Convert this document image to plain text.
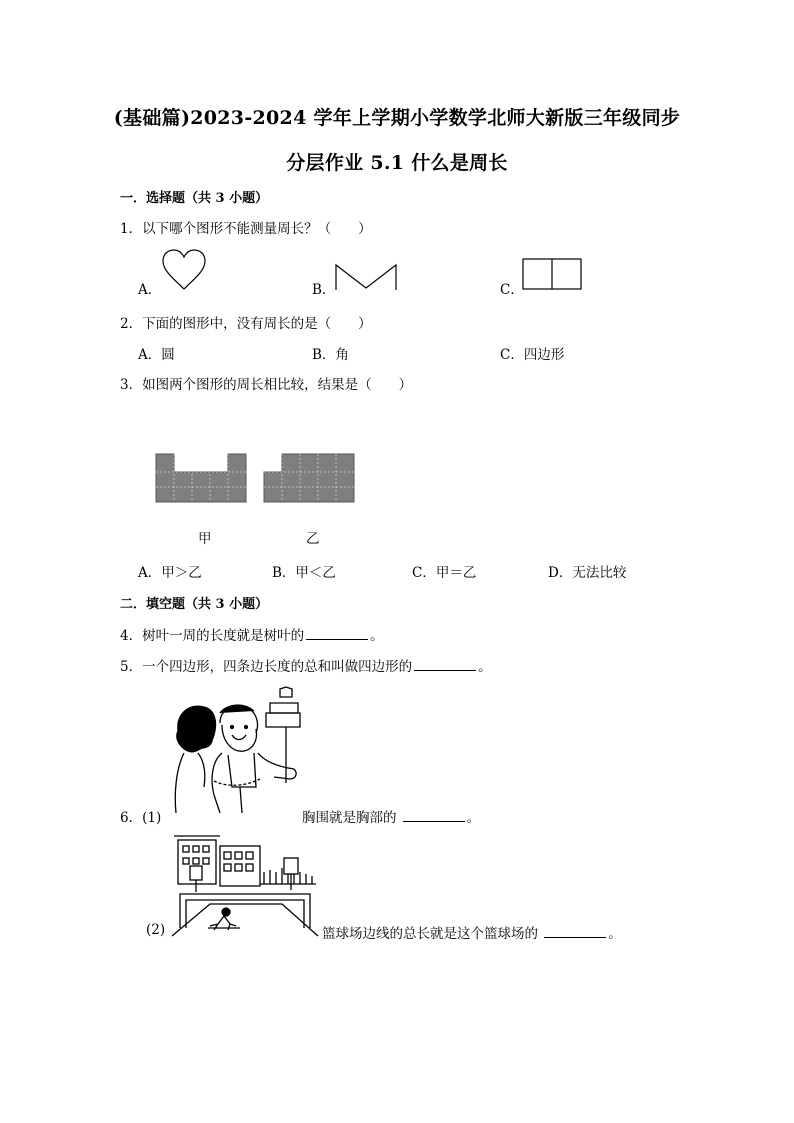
(基础篇)2023-2024 学年上学期小学数学北师大新版三年级同步
分层作业 5.1 什么是周长
一．选择题（共 3 小题）
1．以下哪个图形不能测量周长？（　　）
A．	B．	C．
2．下面的图形中，没有周长的是（　　）
A．圆	B．角	C．四边形
3．如图两个图形的周长相比较，结果是（　　）
甲	乙
A．甲＞乙	B．甲＜乙	C．甲＝乙	D．无法比较
二．填空题（共 3 小题）
4．树叶一周的长度就是树叶的	。
5．一个四边形，四条边长度的总和叫做四边形的	。
6．(1)	胸围就是胸部的	。
(2)	篮球场边线的总长就是这个篮球场的	。
